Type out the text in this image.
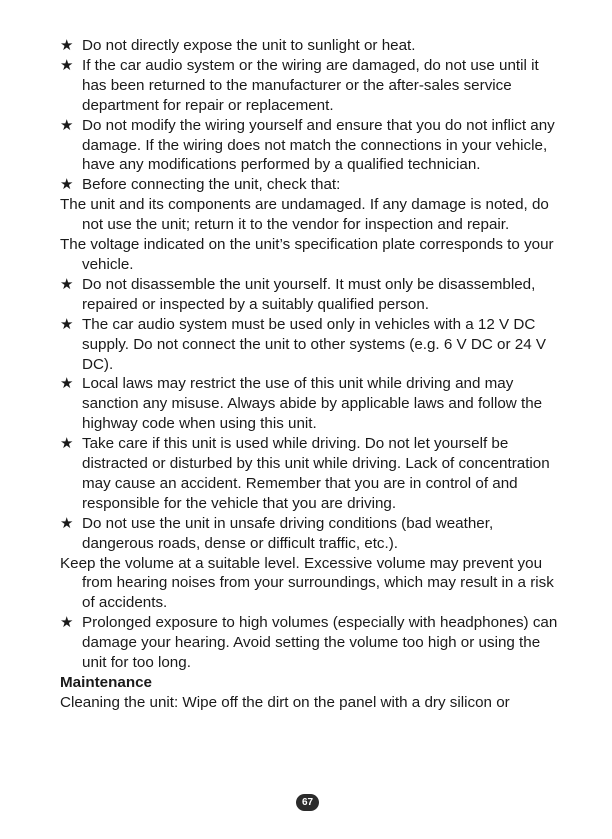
★ Do not directly expose the unit to sunlight or heat.
★ If the car audio system or the wiring are damaged, do not use until it has been returned to the manufacturer or the after-sales service department for repair or replacement.
★ Do not modify the wiring yourself and ensure that you do not inflict any damage. If the wiring does not match the connections in your vehicle, have any modifications performed by a qualified technician.
★ Before connecting the unit, check that:
The unit and its components are undamaged. If any damage is noted, do not use the unit; return it to the vendor for inspection and repair.
The voltage indicated on the unit’s specification plate corresponds to your vehicle.
★ Do not disassemble the unit yourself. It must only be disassembled, repaired or inspected by a suitably qualified person.
★ The car audio system must be used only in vehicles with a 12 V DC supply. Do not connect the unit to other systems (e.g. 6 V DC or 24 V DC).
★ Local laws may restrict the use of this unit while driving and may sanction any misuse. Always abide by applicable laws and follow the highway code when using this unit.
★ Take care if this unit is used while driving. Do not let yourself be distracted or disturbed by this unit while driving. Lack of concentration may cause an accident. Remember that you are in control of and responsible for the vehicle that you are driving.
★ Do not use the unit in unsafe driving conditions (bad weather, dangerous roads, dense or difficult traffic, etc.).
Keep the volume at a suitable level. Excessive volume may prevent you from hearing noises from your surroundings, which may result in a risk of accidents.
★ Prolonged exposure to high volumes (especially with headphones) can damage your hearing. Avoid setting the volume too high or using the unit for too long.
Maintenance
Cleaning the unit: Wipe off the dirt on the panel with a dry silicon or
67
